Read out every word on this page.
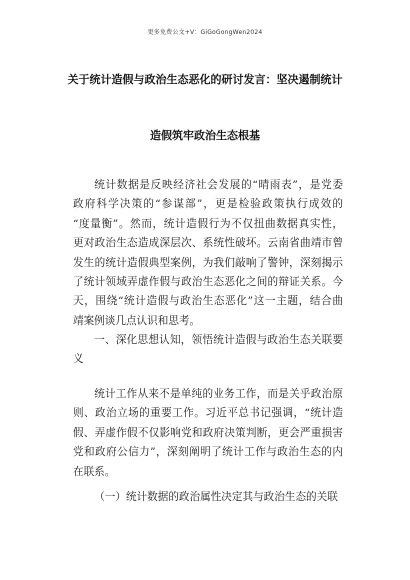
更多免费公文+V：GiGoGongWen2024
关于统计造假与政治生态恶化的研讨发言：坚决遏制统计
造假筑牢政治生态根基
统计数据是反映经济社会发展的“晴雨表”，是党委
政府科学决策的“参谋部”，更是检验政策执行成效的
“度量衡”。然而，统计造假行为不仅扭曲数据真实性，
更对政治生态造成深层次、系统性破坏。云南省曲靖市曾
发生的统计造假典型案例，为我们敲响了警钟，深刻揭示
了统计领域弄虚作假与政治生态恶化之间的辩证关系。今
天，围绕“统计造假与政治生态恶化”这一主题，结合曲
靖案例谈几点认识和思考。
一、深化思想认知，领悟统计造假与政治生态关联要
义
统计工作从来不是单纯的业务工作，而是关乎政治原
则、政治立场的重要工作。习近平总书记强调，“统计造
假、弄虚作假不仅影响党和政府决策判断，更会严重损害
党和政府公信力”，深刻阐明了统计工作与政治生态的内
在联系。
（一）统计数据的政治属性决定其与政治生态的关联
